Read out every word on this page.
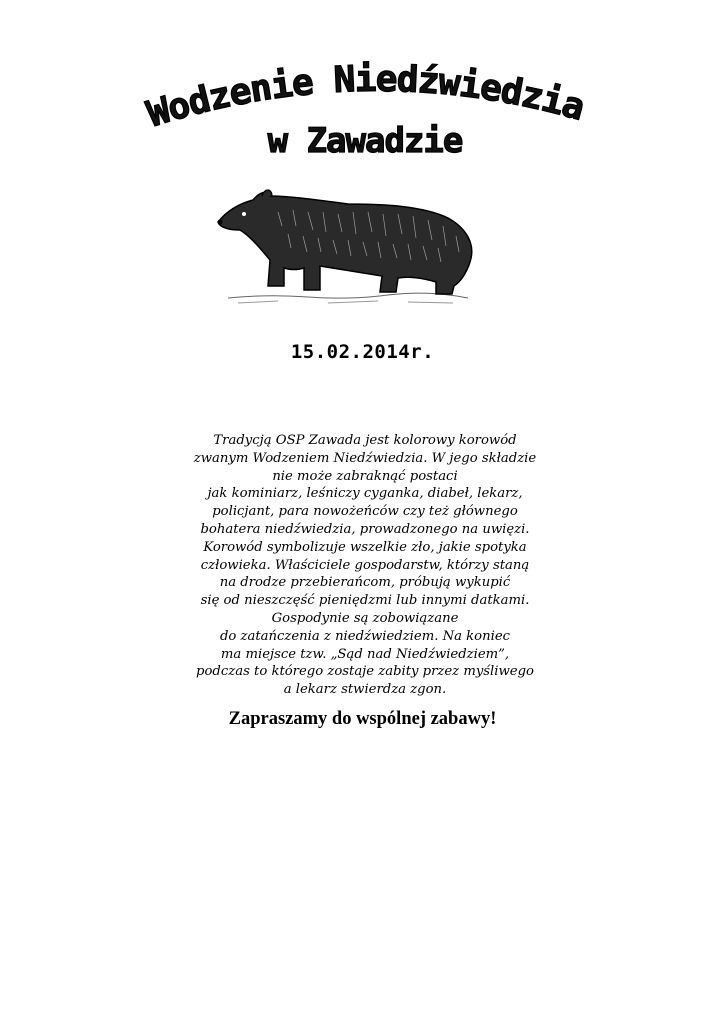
Wodzenie Niedźwiedzia
w Zawadzie
15.02.2014r.
Tradycją OSP Zawada jest kolorowy korowód
zwanym Wodzeniem Niedźwiedzia. W jego składzie
nie może zabraknąć postaci
jak kominiarz, leśniczy cyganka, diabeł, lekarz,
policjant, para nowożeńców czy też głównego
bohatera niedźwiedzia, prowadzonego na uwięzi.
Korowód symbolizuje wszelkie zło, jakie spotyka
człowieka. Właściciele gospodarstw, którzy staną
na drodze przebierańcom, próbują wykupić
się od nieszczęść pieniędzmi lub innymi datkami.
Gospodynie są zobowiązane
do zatańczenia z niedźwiedziem. Na koniec
ma miejsce tzw. „Sąd nad Niedźwiedziem”,
podczas to którego zostaje zabity przez myśliwego
a lekarz stwierdza zgon.
Zapraszamy do wspólnej zabawy!
